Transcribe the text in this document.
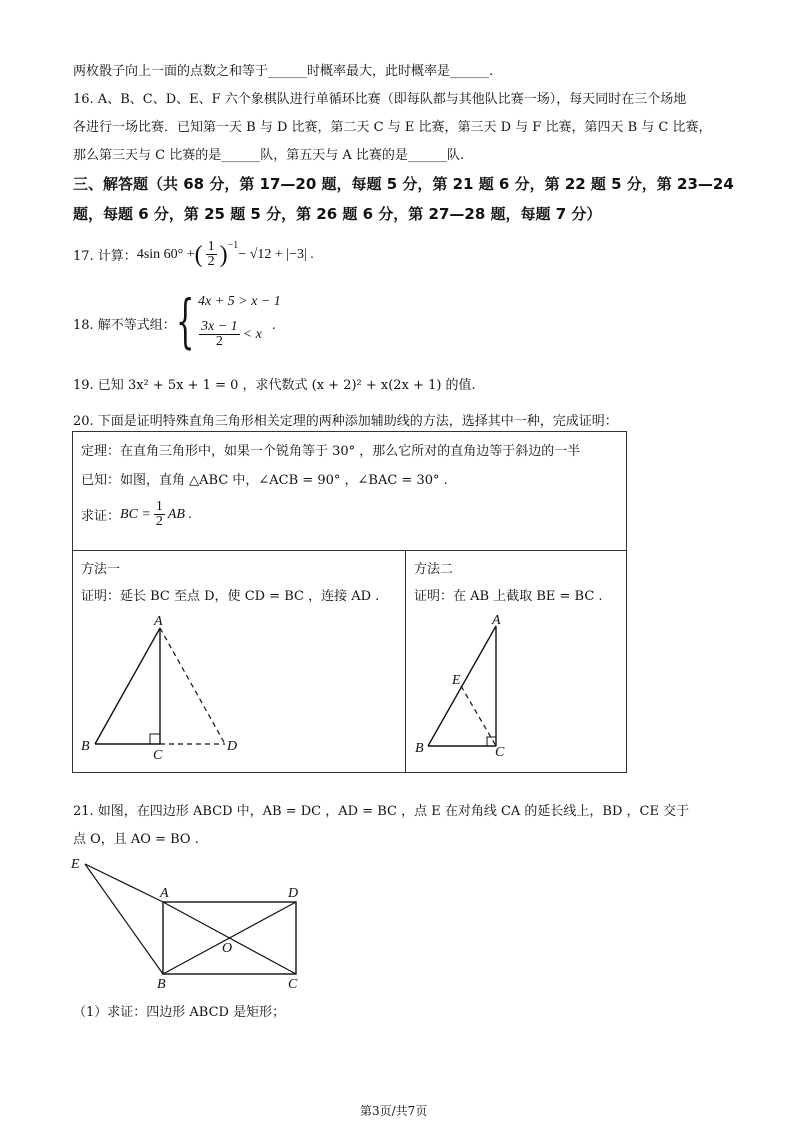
两枚骰子向上一面的点数之和等于______时概率最大，此时概率是______.
16. A、B、C、D、E、F 六个象棋队进行单循环比赛（即每队都与其他队比赛一场），每天同时在三个场地
各进行一场比赛．已知第一天 B 与 D 比赛，第二天 C 与 E 比赛，第三天 D 与 F 比赛，第四天 B 与 C 比赛，
那么第三天与 C 比赛的是______队，第五天与 A 比赛的是______队.
三、解答题（共 68 分，第 17—20 题，每题 5 分，第 21 题 6 分，第 22 题 5 分，第 23—24
题，每题 6 分，第 25 题 5 分，第 26 题 6 分，第 27—28 题，每题 7 分）
17. 计算： 4sin 60° + ( $\frac{1}{2} )^{-1}$
− √12 + |−3| .
18. 解不等式组： { 4x + 5 > x − 1
$\frac{3x - 1}{2} < x$
.
19. 已知 3x² + 5x + 1 = 0 ，求代数式 (x + 2)² + x(2x + 1) 的值.
20. 下面是证明特殊直角三角形相关定理的两种添加辅助线的方法，选择其中一种，完成证明：
定理：在直角三角形中，如果一个锐角等于 30° ，那么它所对的直角边等于斜边的一半
已知：如图，直角 △ABC 中，∠ACB = 90° ，∠BAC = 30° .
求证： BC = $\frac{1}{2}$ AB .
方法一
证明：延长 BC 至点 D，使 CD = BC ，连接 AD .
方法二
证明：在 AB 上截取 BE = BC .
A
B
C
D
A
E
B	C
21. 如图，在四边形 ABCD 中，AB = DC ，AD = BC ，点 E 在对角线 CA 的延长线上，BD ，CE 交于
点 O，且 AO = BO .
E
A	D
O
B	C
（1）求证：四边形 ABCD 是矩形；
第3页/共7页
